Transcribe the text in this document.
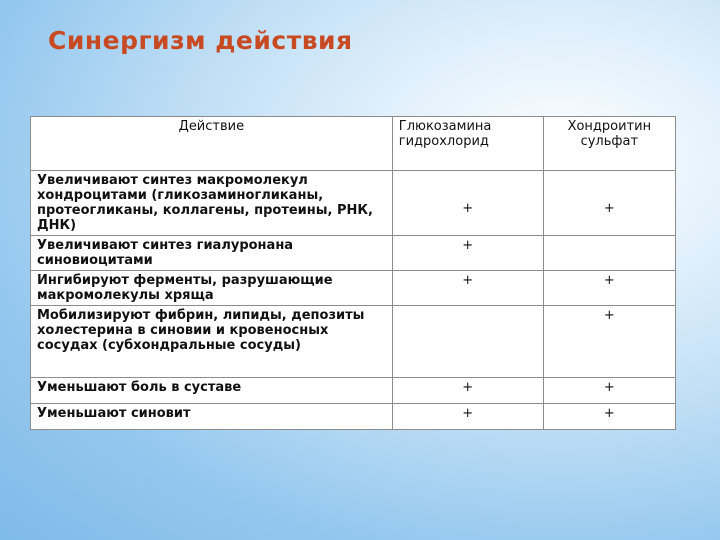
Синергизм действия
Действие	Глюкозамина гидрохлорид	Хондроитин сульфат
Увеличивают синтез макромолекул хондроцитами (гликозаминогликаны, протеогликаны, коллагены, протеины, РНК, ДНК)	+	+
Увеличивают синтез гиалуронана синовиоцитами	+	
Ингибируют ферменты, разрушающие макромолекулы хряща	+	+
Мобилизируют фибрин, липиды, депозиты холестерина в синовии и кровеносных сосудах (субхондральные сосуды)		+
Уменьшают боль в суставе	+	+
Уменьшают синовит	+	+
